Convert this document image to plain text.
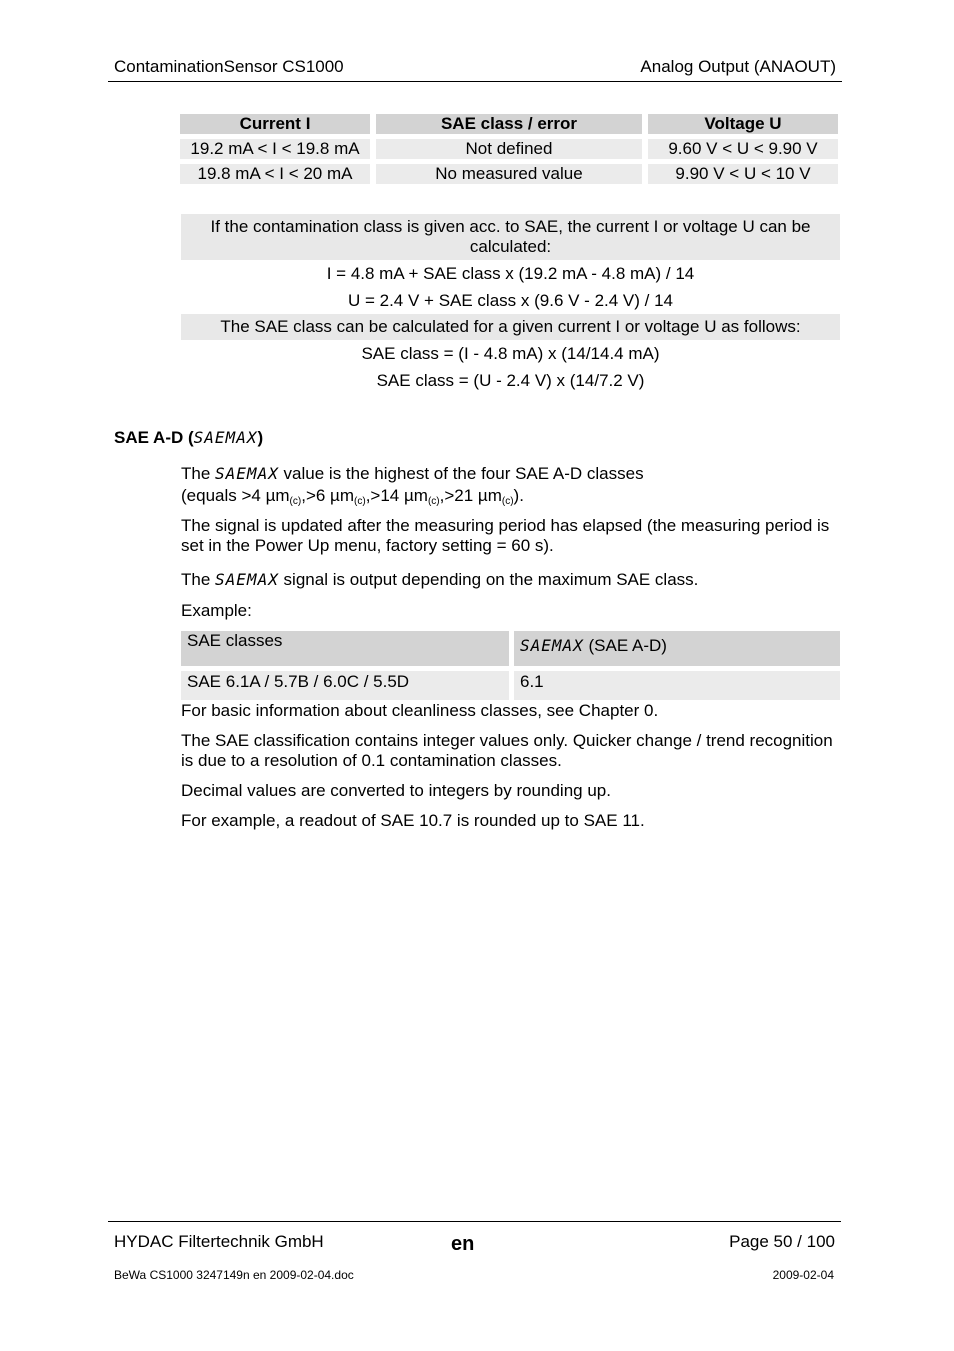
ContaminationSensor CS1000	Analog Output (ANAOUT)
Current I	SAE class / error	Voltage U
19.2 mA < I < 19.8 mA	Not defined	9.60 V < U < 9.90 V
19.8 mA < I < 20 mA	No measured value	9.90 V < U < 10 V
If the contamination class is given acc. to SAE, the current I or voltage U can be calculated:
I = 4.8 mA + SAE class x (19.2 mA - 4.8 mA) / 14
U = 2.4 V + SAE class x (9.6 V - 2.4 V) / 14
The SAE class can be calculated for a given current I or voltage U as follows:
SAE class = (I - 4.8 mA) x (14/14.4 mA)
SAE class = (U - 2.4 V) x (14/7.2 V)
SAE A-D (SAEMAX)
The SAEMAX value is the highest of the four SAE A-D classes
(equals >4 µm$_{(c)}$,>6 µm$_{(c)}$,>14 µm$_{(c)}$,>21 µm$_{(c)}$).
The signal is updated after the measuring period has elapsed (the measuring period is set in the Power Up menu, factory setting = 60 s).
The SAEMAX signal is output depending on the maximum SAE class.
Example:
SAE classes	SAEMAX (SAE A-D)
SAE 6.1A / 5.7B / 6.0C / 5.5D	6.1
For basic information about cleanliness classes, see Chapter 0.
The SAE classification contains integer values only. Quicker change / trend recognition is due to a resolution of 0.1 contamination classes.
Decimal values are converted to integers by rounding up.
For example, a readout of SAE 10.7 is rounded up to SAE 11.
HYDAC Filtertechnik GmbH	en	Page 50 / 100
BeWa CS1000 3247149n en 2009-02-04.doc	2009-02-04
